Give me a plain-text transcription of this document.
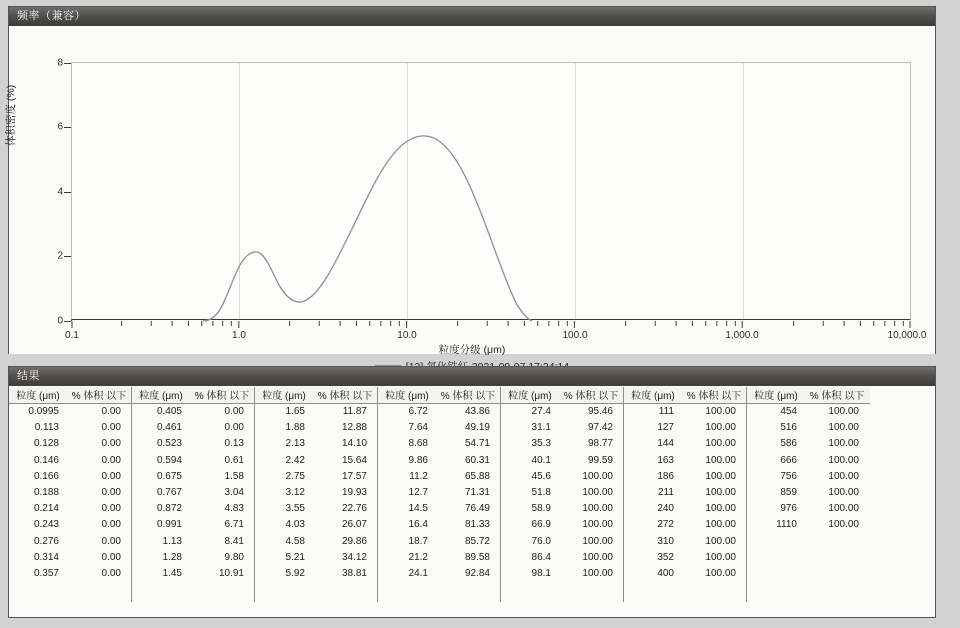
频率（兼容）
0
2
4
6
8
0.1	1.0	10.0	100.0	1,000.0	10,000.0
粒度分级 (μm)
体积密度 (%)
结果
粒度 (μm)	% 体积 以下
0.0995	0.00
0.113	0.00
0.128	0.00
0.146	0.00
0.166	0.00
0.188	0.00
0.214	0.00
0.243	0.00
0.276	0.00
0.314	0.00
0.357	0.00
粒度 (μm)	% 体积 以下
0.405	0.00
0.461	0.00
0.523	0.13
0.594	0.61
0.675	1.58
0.767	3.04
0.872	4.83
0.991	6.71
1.13	8.41
1.28	9.80
1.45	10.91
粒度 (μm)	% 体积 以下
1.65	11.87
1.88	12.88
2.13	14.10
2.42	15.64
2.75	17.57
3.12	19.93
3.55	22.76
4.03	26.07
4.58	29.86
5.21	34.12
5.92	38.81
粒度 (μm)	% 体积 以下
6.72	43.86
7.64	49.19
8.68	54.71
9.86	60.31
11.2	65.88
12.7	71.31
14.5	76.49
16.4	81.33
18.7	85.72
21.2	89.58
24.1	92.84
粒度 (μm)	% 体积 以下
27.4	95.46
31.1	97.42
35.3	98.77
40.1	99.59
45.6	100.00
51.8	100.00
58.9	100.00
66.9	100.00
76.0	100.00
86.4	100.00
98.1	100.00
粒度 (μm)	% 体积 以下
111	100.00
127	100.00
144	100.00
163	100.00
186	100.00
211	100.00
240	100.00
272	100.00
310	100.00
352	100.00
400	100.00
粒度 (μm)	% 体积 以下
454	100.00
516	100.00
586	100.00
666	100.00
756	100.00
859	100.00
976	100.00
1110	100.00
